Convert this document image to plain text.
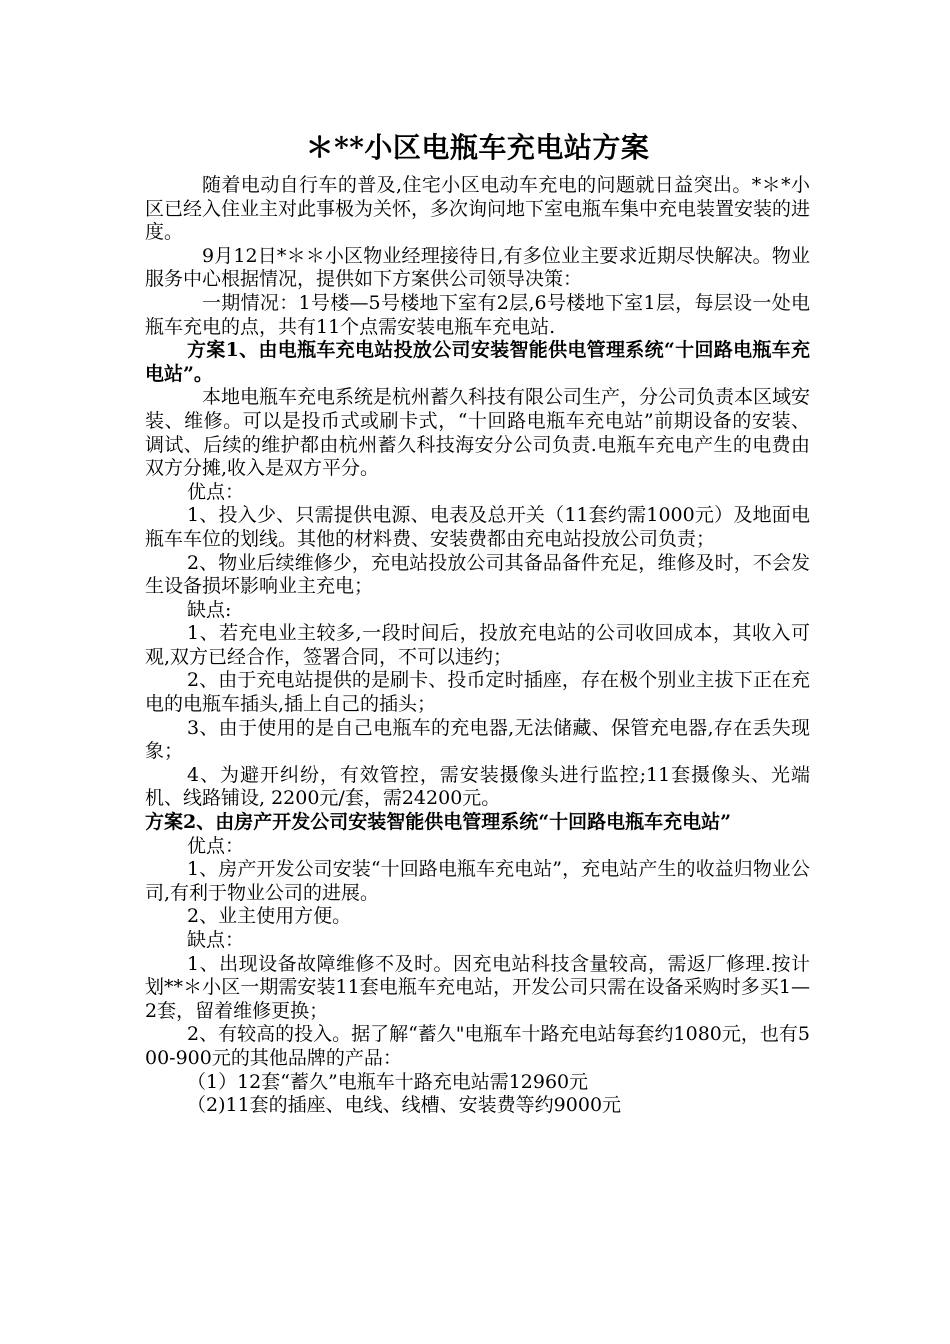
＊**小区电瓶车充电站方案

随着电动自行车的普及,住宅小区电动车充电的问题就日益突出。*＊*小区已经入住业主对此事极为关怀，多次询问地下室电瓶车集中充电装置安装的进度。

9月12日*＊＊小区物业经理接待日,有多位业主要求近期尽快解决。物业服务中心根据情况，提供如下方案供公司领导决策：

一期情况：1号楼—5号楼地下室有2层,6号楼地下室1层，每层设一处电瓶车充电的点，共有11个点需安装电瓶车充电站.

方案1、由电瓶车充电站投放公司安装智能供电管理系统“十回路电瓶车充电站”。

本地电瓶车充电系统是杭州蓄久科技有限公司生产，分公司负责本区域安装、维修。可以是投币式或刷卡式，“十回路电瓶车充电站”前期设备的安装、调试、后续的维护都由杭州蓄久科技海安分公司负责.电瓶车充电产生的电费由双方分摊,收入是双方平分。

优点：

1、投入少、只需提供电源、电表及总开关（11套约需1000元）及地面电瓶车车位的划线。其他的材料费、安装费都由充电站投放公司负责；

2、物业后续维修少，充电站投放公司其备品备件充足，维修及时，不会发生设备损坏影响业主充电；

缺点:

1、若充电业主较多,一段时间后，投放充电站的公司收回成本，其收入可观,双方已经合作，签署合同，不可以违约；

2、由于充电站提供的是刷卡、投币定时插座，存在极个别业主拔下正在充电的电瓶车插头,插上自己的插头；

3、由于使用的是自己电瓶车的充电器,无法储藏、保管充电器,存在丢失现象；

4、为避开纠纷，有效管控，需安装摄像头进行监控;11套摄像头、光端机、线路铺设, 2200元/套，需24200元。

方案2、由房产开发公司安装智能供电管理系统“十回路电瓶车充电站”

优点：

1、房产开发公司安装“十回路电瓶车充电站”，充电站产生的收益归物业公司,有利于物业公司的进展。

2、业主使用方便。

缺点：

1、出现设备故障维修不及时。因充电站科技含量较高，需返厂修理.按计划**＊小区一期需安装11套电瓶车充电站，开发公司只需在设备采购时多买1—2套，留着维修更换；

2、有较高的投入。据了解“蓄久"电瓶车十路充电站每套约1080元，也有500-900元的其他品牌的产品：

（1）12套“蓄久”电瓶车十路充电站需12960元

（2)11套的插座、电线、线槽、安装费等约9000元
